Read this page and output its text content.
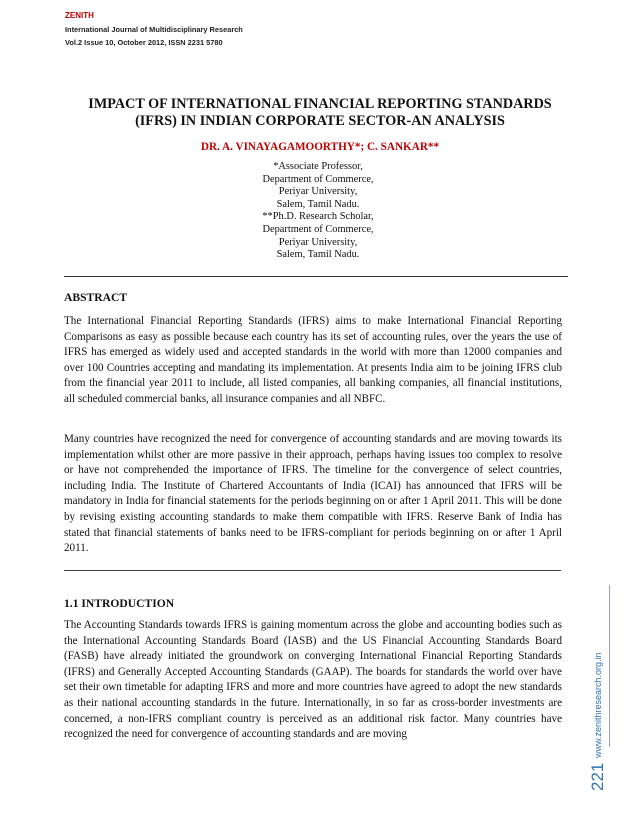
ZENITH
International Journal of Multidisciplinary Research
Vol.2 Issue 10, October 2012, ISSN 2231 5780
IMPACT OF INTERNATIONAL FINANCIAL REPORTING STANDARDS
(IFRS) IN INDIAN CORPORATE SECTOR-AN ANALYSIS
DR. A. VINAYAGAMOORTHY*; C. SANKAR**
*Associate Professor,
Department of Commerce,
Periyar University,
Salem, Tamil Nadu.
**Ph.D. Research Scholar,
Department of Commerce,
Periyar University,
Salem, Tamil Nadu.
ABSTRACT

The International Financial Reporting Standards (IFRS) aims to make International Financial Reporting Comparisons as easy as possible because each country has its set of accounting rules, over the years the use of IFRS has emerged as widely used and accepted standards in the world with more than 12000 companies and over 100 Countries accepting and mandating its implementation. At presents India aim to be joining IFRS club from the financial year 2011 to include, all listed companies, all banking companies, all financial institutions, all scheduled commercial banks, all insurance companies and all NBFC.

Many countries have recognized the need for convergence of accounting standards and are moving towards its implementation whilst other are more passive in their approach, perhaps having issues too complex to resolve or have not comprehended the importance of IFRS. The timeline for the convergence of select countries, including India. The Institute of Chartered Accountants of India (ICAI) has announced that IFRS will be mandatory in India for financial statements for the periods beginning on or after 1 April 2011. This will be done by revising existing accounting standards to make them compatible with IFRS. Reserve Bank of India has stated that financial statements of banks need to be IFRS-compliant for periods beginning on or after 1 April 2011.

1.1 INTRODUCTION

The Accounting Standards towards IFRS is gaining momentum across the globe and accounting bodies such as the International Accounting Standards Board (IASB) and the US Financial Accounting Standards Board (FASB) have already initiated the groundwork on converging International Financial Reporting Standards (IFRS) and Generally Accepted Accounting Standards (GAAP). The boards for standards the world over have set their own timetable for adapting IFRS and more and more countries have agreed to adopt the new standards as their national accounting standards in the future. Internationally, in so far as cross-border investments are concerned, a non-IFRS compliant country is perceived as an additional risk factor. Many countries have recognized the need for convergence of accounting standards and are moving	www.zenithresearch.org.in
221
